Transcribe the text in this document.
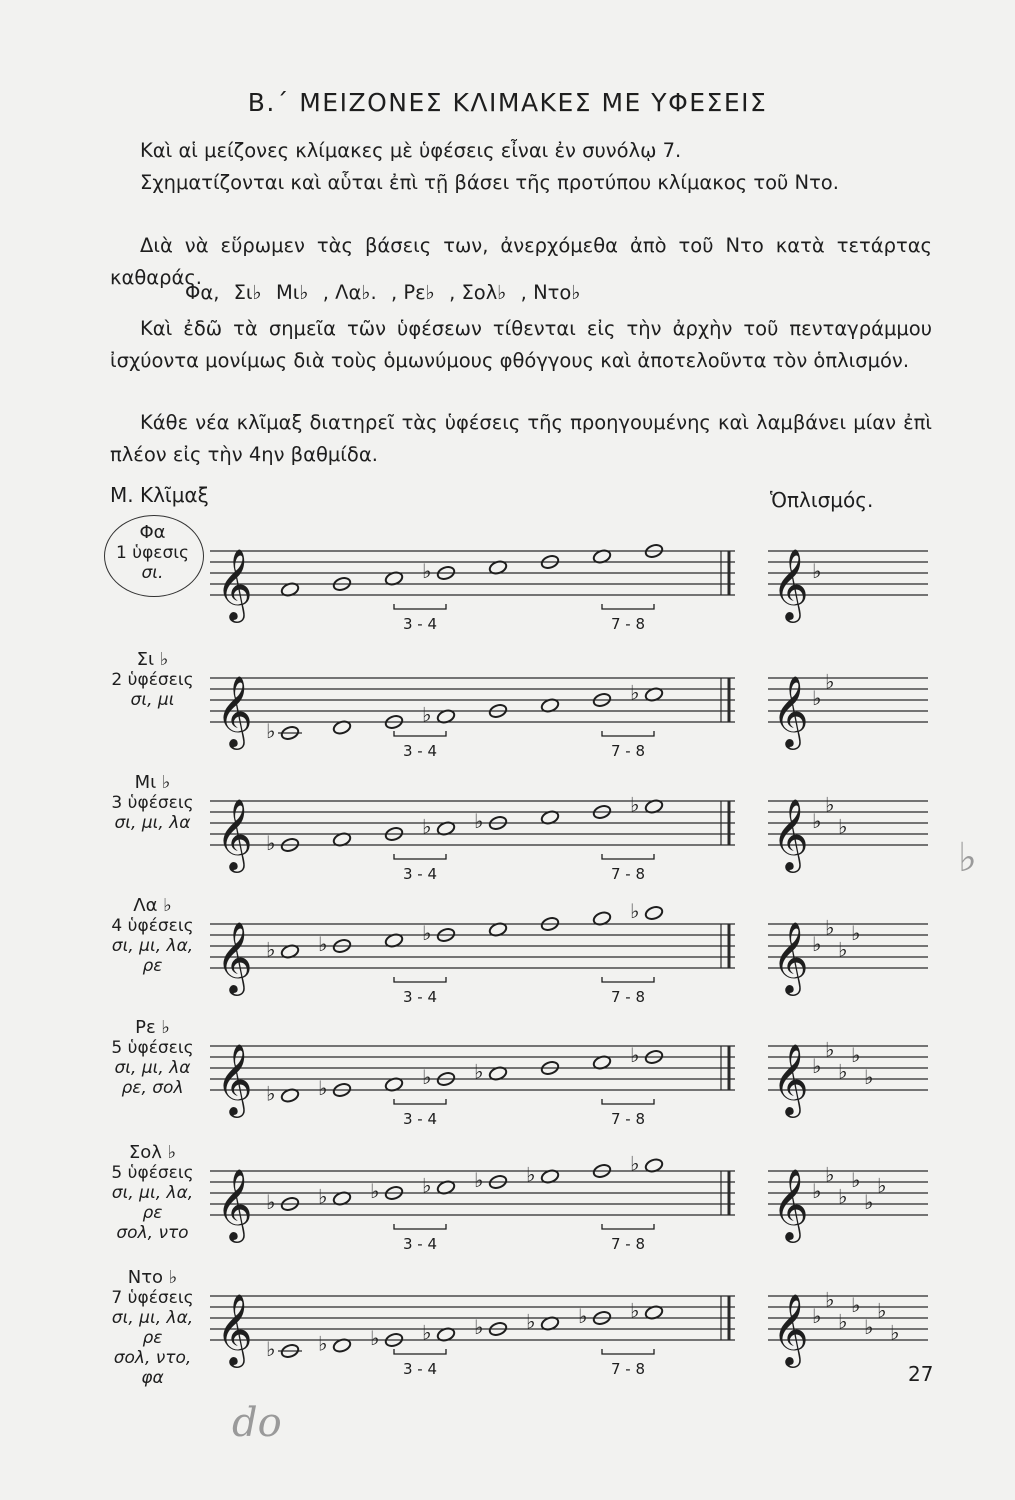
Β.΄ ΜΕΙΖΟΝΕΣ ΚΛΙΜΑΚΕΣ ΜΕ ΥΦΕΣΕΙΣ

Καὶ αἱ μείζονες κλίμακες μὲ ὑφέσεις εἶναι ἐν συνόλῳ 7.

Σχηματίζονται καὶ αὗται ἐπὶ τῇ βάσει τῆς προτύπου κλίμακος τοῦ Ντο.

Διὰ νὰ εὕρωμεν τὰς βάσεις των, ἀνερχόμεθα ἀπὸ τοῦ Ντο κατὰ τετάρτας καθαράς.

Φα, Σι♭ Μι♭ , Λα♭. , Ρε♭ , Σολ♭ , Ντο♭

Καὶ ἐδῶ τὰ σημεῖα τῶν ὑφέσεων τίθενται εἰς τὴν ἀρχὴν τοῦ πενταγράμμου ἰσχύοντα μονίμως διὰ τοὺς ὁμωνύμους φθόγγους καὶ ἀποτελοῦντα τὸν ὁπλισμόν.

Κάθε νέα κλῖμαξ διατηρεῖ τὰς ὑφέσεις τῆς προηγουμένης καὶ λαμβάνει μίαν ἐπὶ πλέον εἰς τὴν 4ην βαθμίδα.

Μ. Κλῖμαξ	Ὁπλισμός.
Φα
1 ὑφεσις
σι. 𝄞	♭
3 - 4	7 - 8
𝄞 ♭
Σι ♭
2 ὑφέσεις
σι, μι 𝄞 ♭
♭
♭
3 - 4	7 - 8
𝄞 ♭
♭
Μι ♭
3 ὑφέσεις
σι, μι, λα 𝄞 ♭
♭ ♭
♭
3 - 4	7 - 8
𝄞 ♭
♭
♭
Λα ♭
4 ὑφέσεις
σι, μι, λα, ρε 𝄞 ♭ ♭	♭
♭
3 - 4	7 - 8
𝄞 ♭
♭
♭
♭
Ρε ♭
5 ὑφέσεις
σι, μι, λα
ρε, σολ 𝄞 ♭ ♭	♭ ♭
♭
3 - 4	7 - 8
𝄞 ♭
♭
♭
♭
♭
Σολ ♭
5 ὑφέσεις
σι, μι, λα, ρε
σολ, ντο 𝄞 ♭ ♭ ♭ ♭ ♭ ♭	♭
3 - 4	7 - 8
𝄞 ♭
♭
♭
♭
♭
♭
Ντο ♭
7 ὑφέσεις
σι, μι, λα, ρε
σολ, ντο, φα
𝄞 ♭ ♭ ♭ ♭ ♭ ♭ ♭ ♭
3 - 4	7 - 8
𝄞 ♭
♭
♭
♭
♭
♭
♭
27
♭
do
